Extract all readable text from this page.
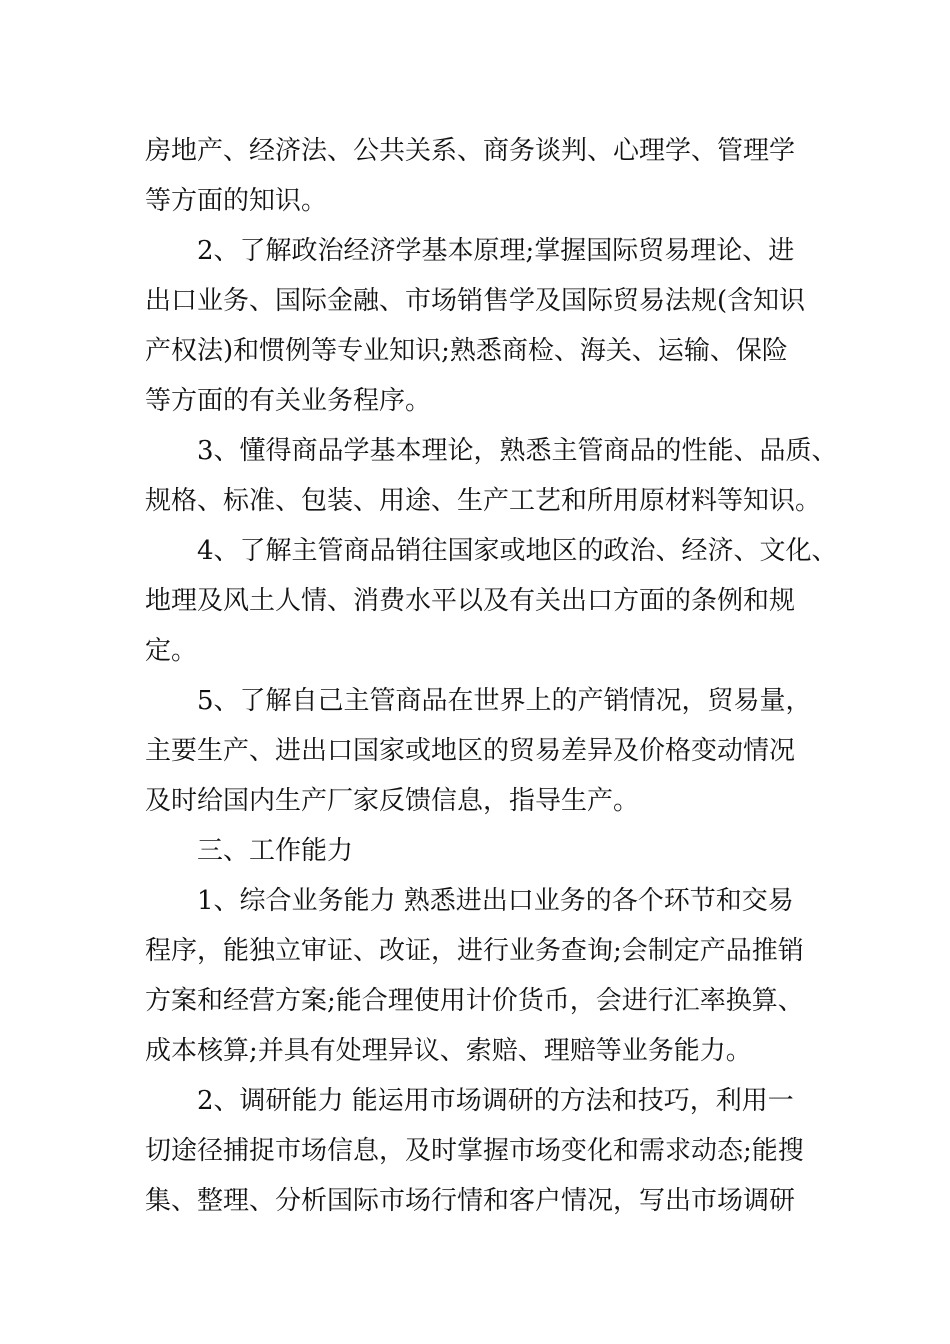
房地产、经济法、公共关系、商务谈判、心理学、管理学
等方面的知识。
2、了解政治经济学基本原理;掌握国际贸易理论、进
出口业务、国际金融、市场销售学及国际贸易法规(含知识
产权法)和惯例等专业知识;熟悉商检、海关、运输、保险
等方面的有关业务程序。
3、懂得商品学基本理论，熟悉主管商品的性能、品质、
规格、标准、包装、用途、生产工艺和所用原材料等知识。
4、了解主管商品销往国家或地区的政治、经济、文化、
地理及风土人情、消费水平以及有关出口方面的条例和规
定。
5、了解自己主管商品在世界上的产销情况，贸易量，
主要生产、进出口国家或地区的贸易差异及价格变动情况
及时给国内生产厂家反馈信息，指导生产。
三、工作能力
1、综合业务能力 熟悉进出口业务的各个环节和交易
程序，能独立审证、改证，进行业务查询;会制定产品推销
方案和经营方案;能合理使用计价货币，会进行汇率换算、
成本核算;并具有处理异议、索赔、理赔等业务能力。
2、调研能力 能运用市场调研的方法和技巧，利用一
切途径捕捉市场信息，及时掌握市场变化和需求动态;能搜
集、整理、分析国际市场行情和客户情况，写出市场调研
